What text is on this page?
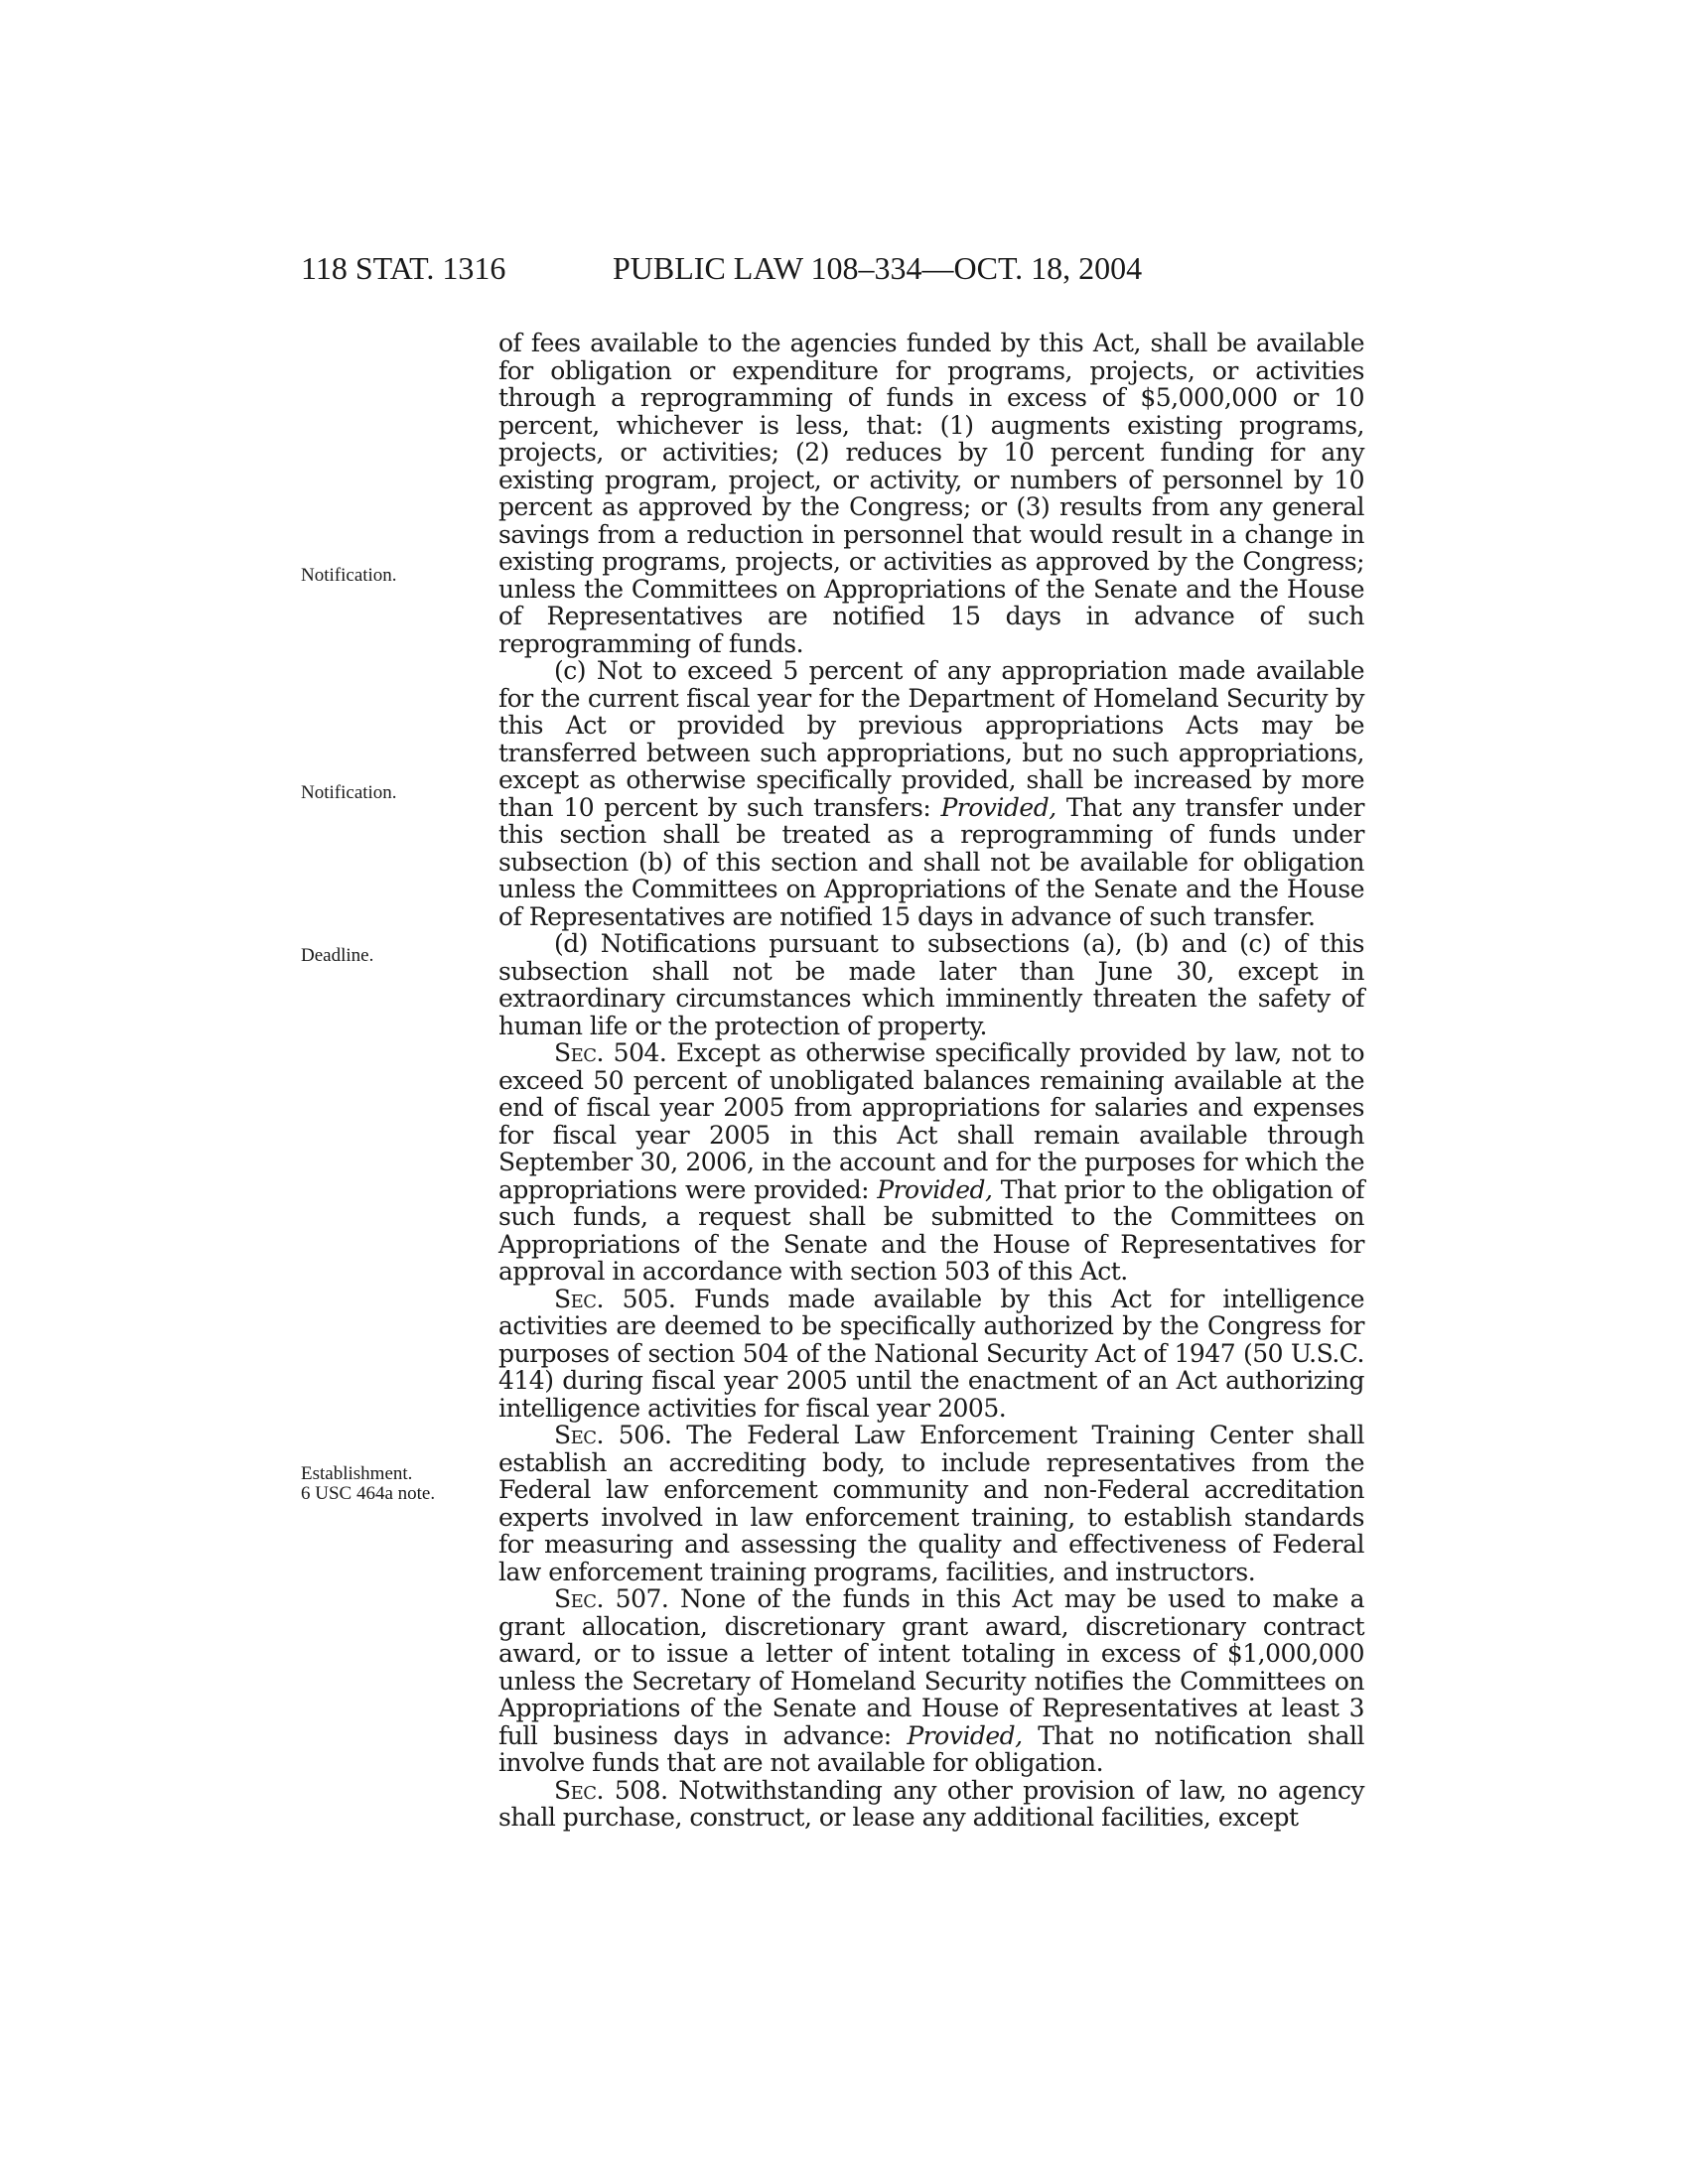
118 STAT. 1316	PUBLIC LAW 108–334—OCT. 18, 2004
Notification.
Notification.
Deadline.
Establishment.
6 USC 464a note.

of fees available to the agencies funded by this Act, shall be available for obligation or expenditure for programs, projects, or activities through a reprogramming of funds in excess of $5,000,000 or 10 percent, whichever is less, that: (1) augments existing programs, projects, or activities; (2) reduces by 10 percent funding for any existing program, project, or activity, or numbers of personnel by 10 percent as approved by the Congress; or (3) results from any general savings from a reduction in personnel that would result in a change in existing programs, projects, or activities as approved by the Congress; unless the Committees on Appropriations of the Senate and the House of Representatives are notified 15 days in advance of such reprogramming of funds.

(c) Not to exceed 5 percent of any appropriation made available for the current fiscal year for the Department of Homeland Security by this Act or provided by previous appropriations Acts may be transferred between such appropriations, but no such appropriations, except as otherwise specifically provided, shall be increased by more than 10 percent by such transfers: Provided, That any transfer under this section shall be treated as a reprogramming of funds under subsection (b) of this section and shall not be available for obligation unless the Committees on Appropriations of the Senate and the House of Representatives are notified 15 days in advance of such transfer.

(d) Notifications pursuant to subsections (a), (b) and (c) of this subsection shall not be made later than June 30, except in extraordinary circumstances which imminently threaten the safety of human life or the protection of property.

Sec. 504. Except as otherwise specifically provided by law, not to exceed 50 percent of unobligated balances remaining available at the end of fiscal year 2005 from appropriations for salaries and expenses for fiscal year 2005 in this Act shall remain available through September 30, 2006, in the account and for the purposes for which the appropriations were provided: Provided, That prior to the obligation of such funds, a request shall be submitted to the Committees on Appropriations of the Senate and the House of Representatives for approval in accordance with section 503 of this Act.

Sec. 505. Funds made available by this Act for intelligence activities are deemed to be specifically authorized by the Congress for purposes of section 504 of the National Security Act of 1947 (50 U.S.C. 414) during fiscal year 2005 until the enactment of an Act authorizing intelligence activities for fiscal year 2005.

Sec. 506. The Federal Law Enforcement Training Center shall establish an accrediting body, to include representatives from the Federal law enforcement community and non-Federal accreditation experts involved in law enforcement training, to establish standards for measuring and assessing the quality and effectiveness of Federal law enforcement training programs, facilities, and instructors.

Sec. 507. None of the funds in this Act may be used to make a grant allocation, discretionary grant award, discretionary contract award, or to issue a letter of intent totaling in excess of $1,000,000 unless the Secretary of Homeland Security notifies the Committees on Appropriations of the Senate and House of Representatives at least 3 full business days in advance: Provided, That no notification shall involve funds that are not available for obligation.

Sec. 508. Notwithstanding any other provision of law, no agency shall purchase, construct, or lease any additional facilities, except
